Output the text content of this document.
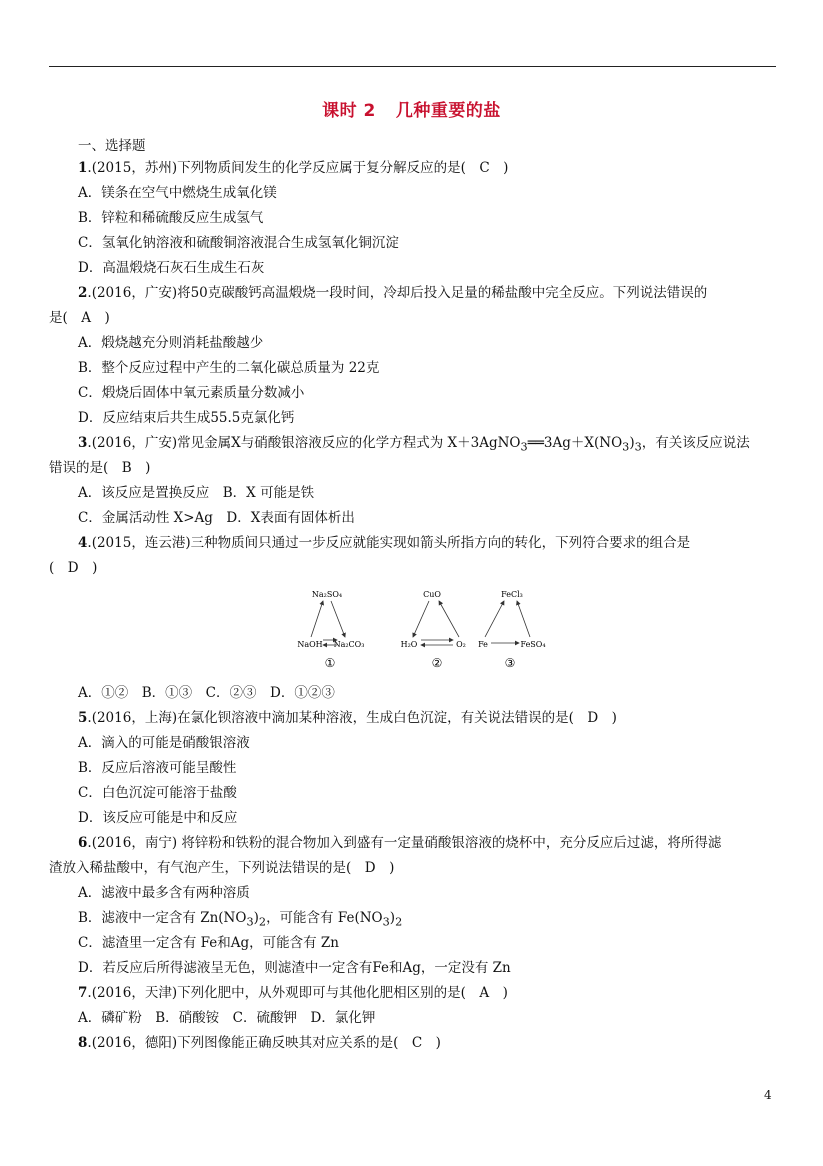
课时 2 几种重要的盐
一、选择题
1.(2015，苏州)下列物质间发生的化学反应属于复分解反应的是(　C　)
A．镁条在空气中燃烧生成氧化镁
B．锌粒和稀硫酸反应生成氢气
C．氢氧化钠溶液和硫酸铜溶液混合生成氢氧化铜沉淀
D．高温煅烧石灰石生成生石灰
2.(2016，广安)将50克碳酸钙高温煅烧一段时间，冷却后投入足量的稀盐酸中完全反应。下列说法错误的
是(　A　)
A．煅烧越充分则消耗盐酸越少
B．整个反应过程中产生的二氧化碳总质量为 22克
C．煅烧后固体中氧元素质量分数减小
D．反应结束后共生成55.5克氯化钙
3.(2016，广安)常见金属X与硝酸银溶液反应的化学方程式为 $X+3AgNO_3══3Ag+X(NO_3)_3$，有关该反应说法
错误的是(　B　)
A．该反应是置换反应　B．X 可能是铁
C．金属活动性 X>Ag　D．X表面有固体析出
4.(2015，连云港)三种物质间只通过一步反应就能实现如箭头所指方向的转化，下列符合要求的组合是
(　D　)
Na₂SO₄
NaOH Na₂CO₃
①
CuO
H₂O	O₂
②
FeCl₃
Fe	FeSO₄
③
A．①②　B．①③　C．②③　D．①②③
5.(2016，上海)在氯化钡溶液中滴加某种溶液，生成白色沉淀，有关说法错误的是(　D　)
A．滴入的可能是硝酸银溶液
B．反应后溶液可能呈酸性
C．白色沉淀可能溶于盐酸
D．该反应可能是中和反应
6.(2016，南宁) 将锌粉和铁粉的混合物加入到盛有一定量硝酸银溶液的烧杯中，充分反应后过滤，将所得滤
渣放入稀盐酸中，有气泡产生，下列说法错误的是(　D　)
A．滤液中最多含有两种溶质
B．滤液中一定含有 $Zn(NO_3)_2$，可能含有 $Fe(NO_3)_2$
C．滤渣里一定含有 Fe和Ag，可能含有 Zn
D．若反应后所得滤液呈无色，则滤渣中一定含有Fe和Ag，一定没有 Zn
7.(2016，天津)下列化肥中，从外观即可与其他化肥相区别的是(　A　)
A．磷矿粉　B．硝酸铵　C．硫酸钾　D．氯化钾
8.(2016，德阳)下列图像能正确反映其对应关系的是(　C　)
4
